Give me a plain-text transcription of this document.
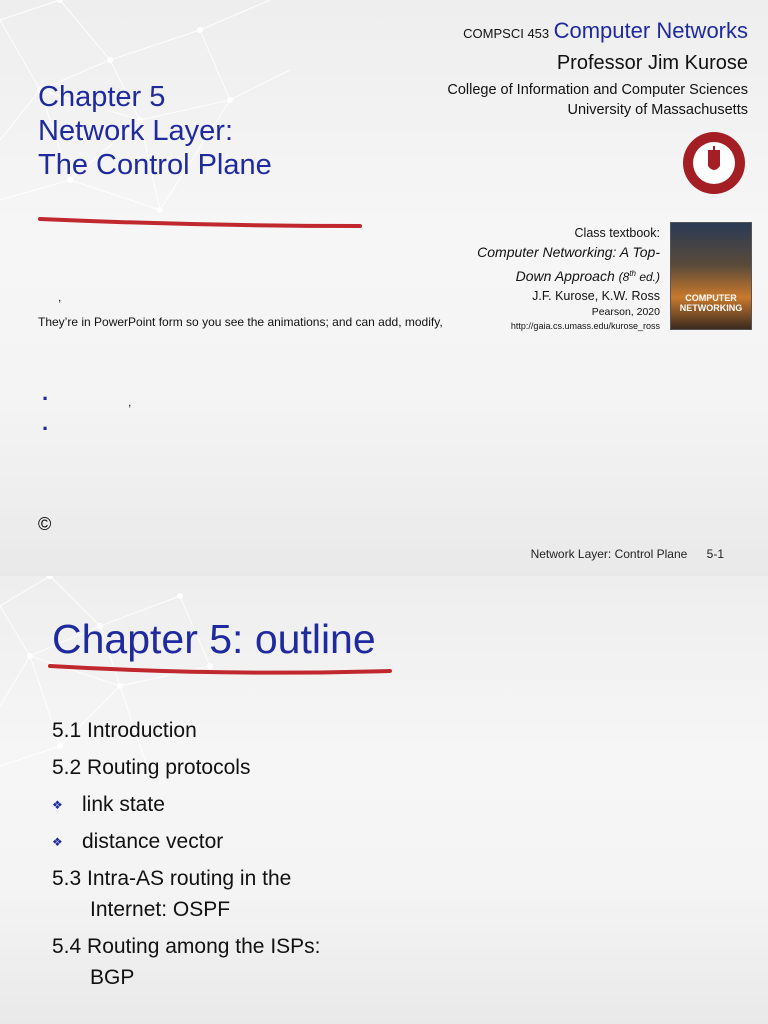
Chapter 5
Network Layer:
The Control Plane
COMPSCI 453 Computer Networks
Professor Jim Kurose
College of Information and Computer Sciences
University of Massachusetts
Class textbook:
Computer Networking: A Top-
Down Approach (8th ed.)
J.F. Kurose, K.W. Ross
Pearson, 2020
http://gaia.cs.umass.edu/kurose_ross
COMPUTER NETWORKING
,
They’re in PowerPoint form so you see the animations; and can add, modify,
.	,
.
©
Network Layer: Control Plane 5-1
Chapter 5: outline
5.1 Introduction
5.2 Routing protocols
❖ link state
❖ distance vector
5.3 Intra-AS routing in the
Internet: OSPF
5.4 Routing among the ISPs:
BGP
